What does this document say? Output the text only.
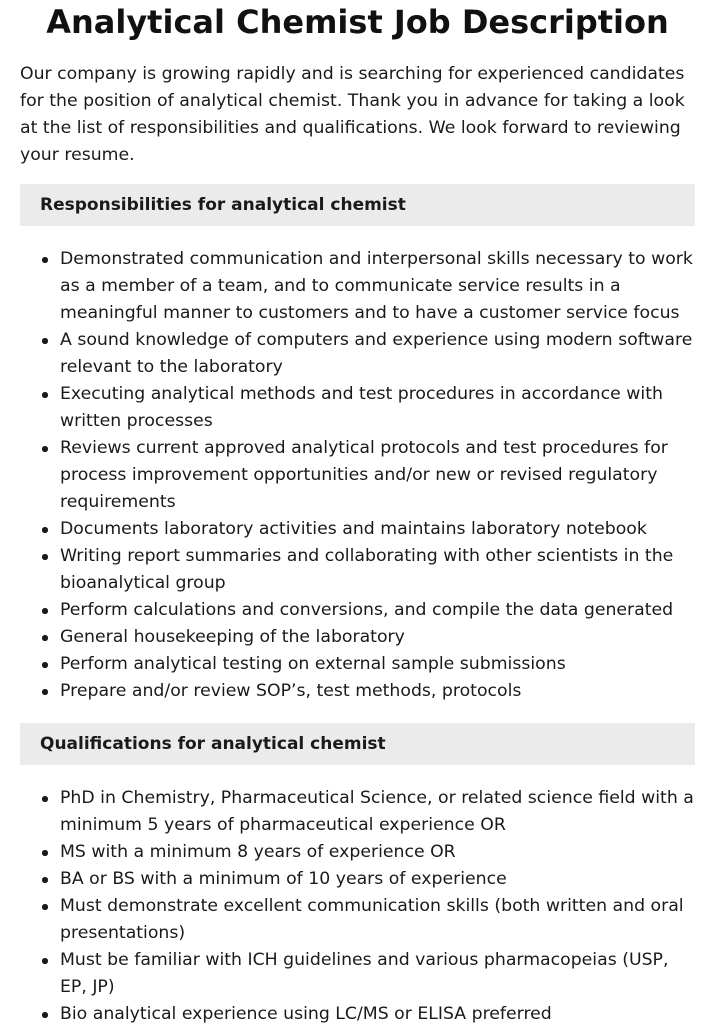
Analytical Chemist Job Description

Our company is growing rapidly and is searching for experienced candidates for the position of analytical chemist. Thank you in advance for taking a look at the list of responsibilities and qualifications. We look forward to reviewing your resume.

Responsibilities for analytical chemist
Demonstrated communication and interpersonal skills necessary to work as a member of a team, and to communicate service results in a meaningful manner to customers and to have a customer service focus
A sound knowledge of computers and experience using modern software relevant to the laboratory
Executing analytical methods and test procedures in accordance with written processes
Reviews current approved analytical protocols and test procedures for process improvement opportunities and/or new or revised regulatory requirements
Documents laboratory activities and maintains laboratory notebook
Writing report summaries and collaborating with other scientists in the bioanalytical group
Perform calculations and conversions, and compile the data generated
General housekeeping of the laboratory
Perform analytical testing on external sample submissions
Prepare and/or review SOP’s, test methods, protocols
Qualifications for analytical chemist
PhD in Chemistry, Pharmaceutical Science, or related science field with a minimum 5 years of pharmaceutical experience OR
MS with a minimum 8 years of experience OR
BA or BS with a minimum of 10 years of experience
Must demonstrate excellent communication skills (both written and oral presentations)
Must be familiar with ICH guidelines and various pharmacopeias (USP, EP, JP)
Bio analytical experience using LC/MS or ELISA preferred
